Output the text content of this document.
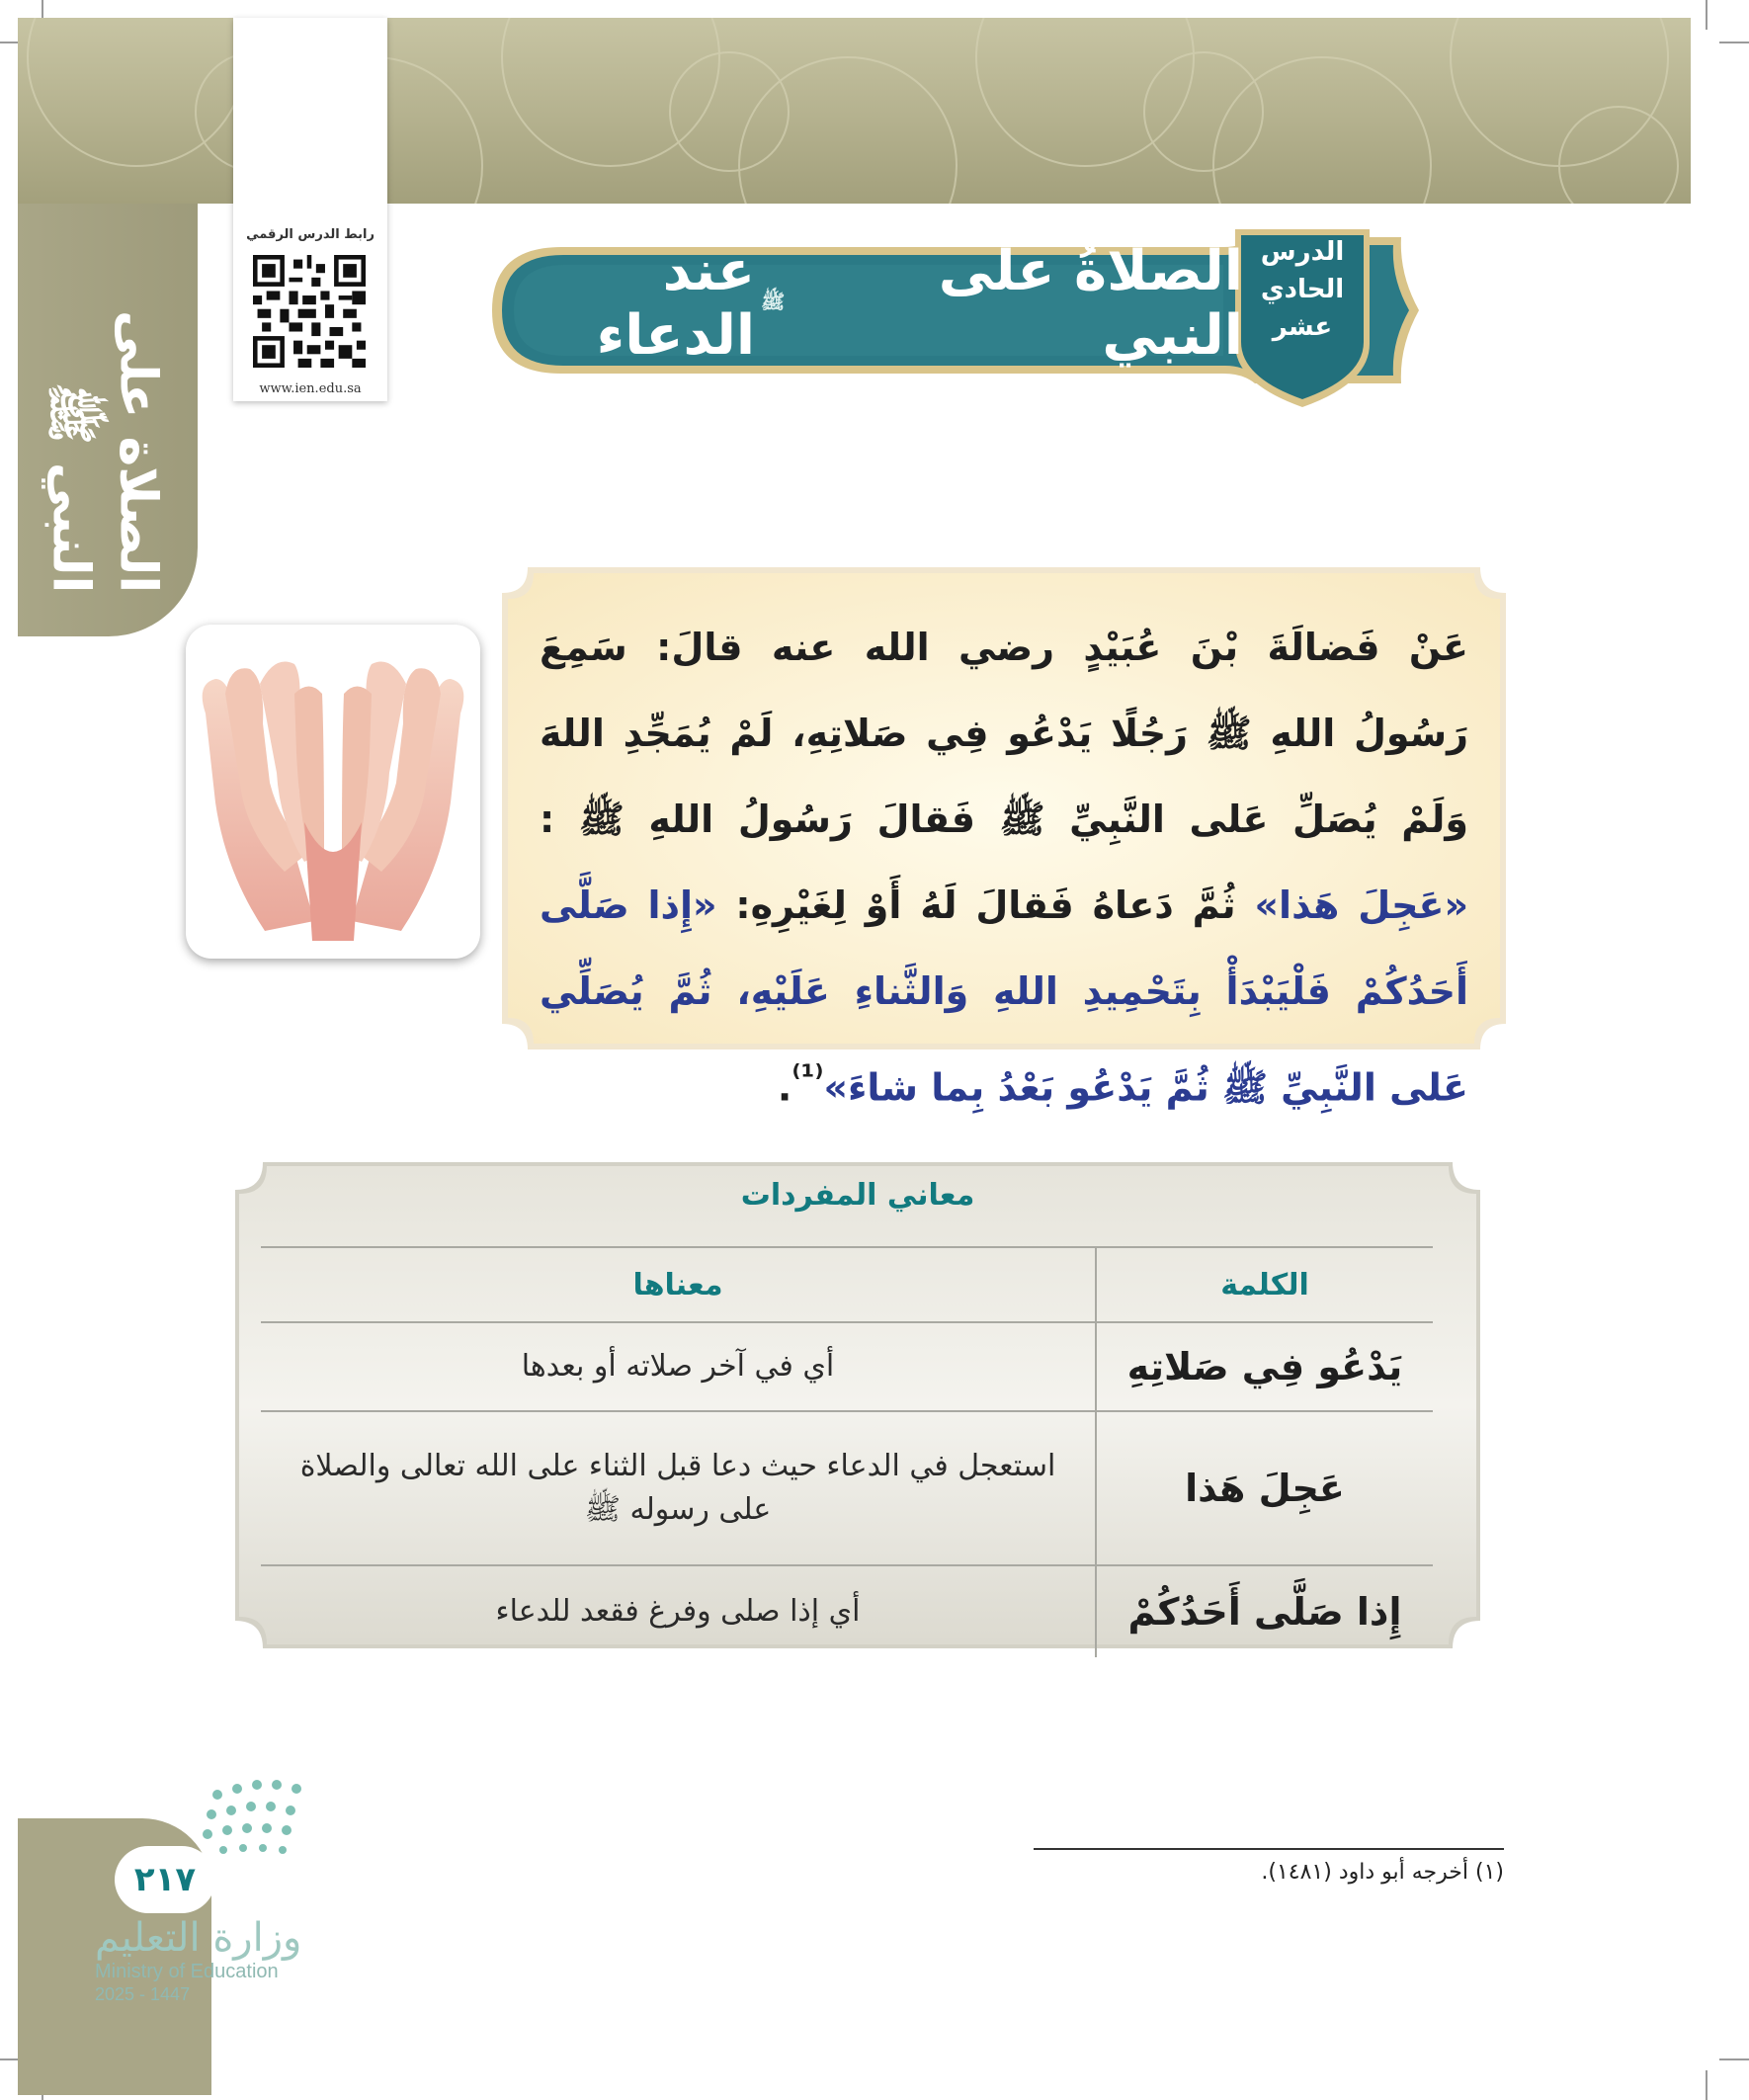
الصلاة على النبي ﷺ
رابط الدرس الرقمي
www.ien.edu.sa
الصلاةُ على النبي
ﷺ
عند الدعاء
الدرس الحادي عشر
عَنْ فَضالَةَ بْنَ عُبَيْدٍ رضي الله عنه قالَ: سَمِعَ رَسُولُ اللهِ ﷺ رَجُلًا يَدْعُو فِي صَلاتِهِ، لَمْ يُمَجِّدِ اللهَ وَلَمْ يُصَلِّ عَلى النَّبِيِّ ﷺ فَقالَ رَسُولُ اللهِ ﷺ : «عَجِلَ هَذا» ثُمَّ دَعاهُ فَقالَ لَهُ أَوْ لِغَيْرِهِ: «إِذا صَلَّى أَحَدُكُمْ فَلْيَبْدَأْ بِتَحْمِيدِ اللهِ وَالثَّناءِ عَلَيْهِ، ثُمَّ يُصَلِّي عَلى النَّبِيِّ ﷺ ثُمَّ يَدْعُو بَعْدُ بِما شاءَ»$^{^{(1)}}$.
معاني المفردات
الكلمة	معناها
يَدْعُو فِي صَلاتِهِ	أي في آخر صلاته أو بعدها
عَجِلَ هَذا	استعجل في الدعاء حيث دعا قبل الثناء على الله تعالى والصلاة على رسوله ﷺ
إِذا صَلَّى أَحَدُكُمْ	أي إذا صلى وفرغ فقعد للدعاء
(١) أخرجه أبو داود (١٤٨١).
٢١٧
وزارة التعليم
Ministry of Education
2025 - 1447
